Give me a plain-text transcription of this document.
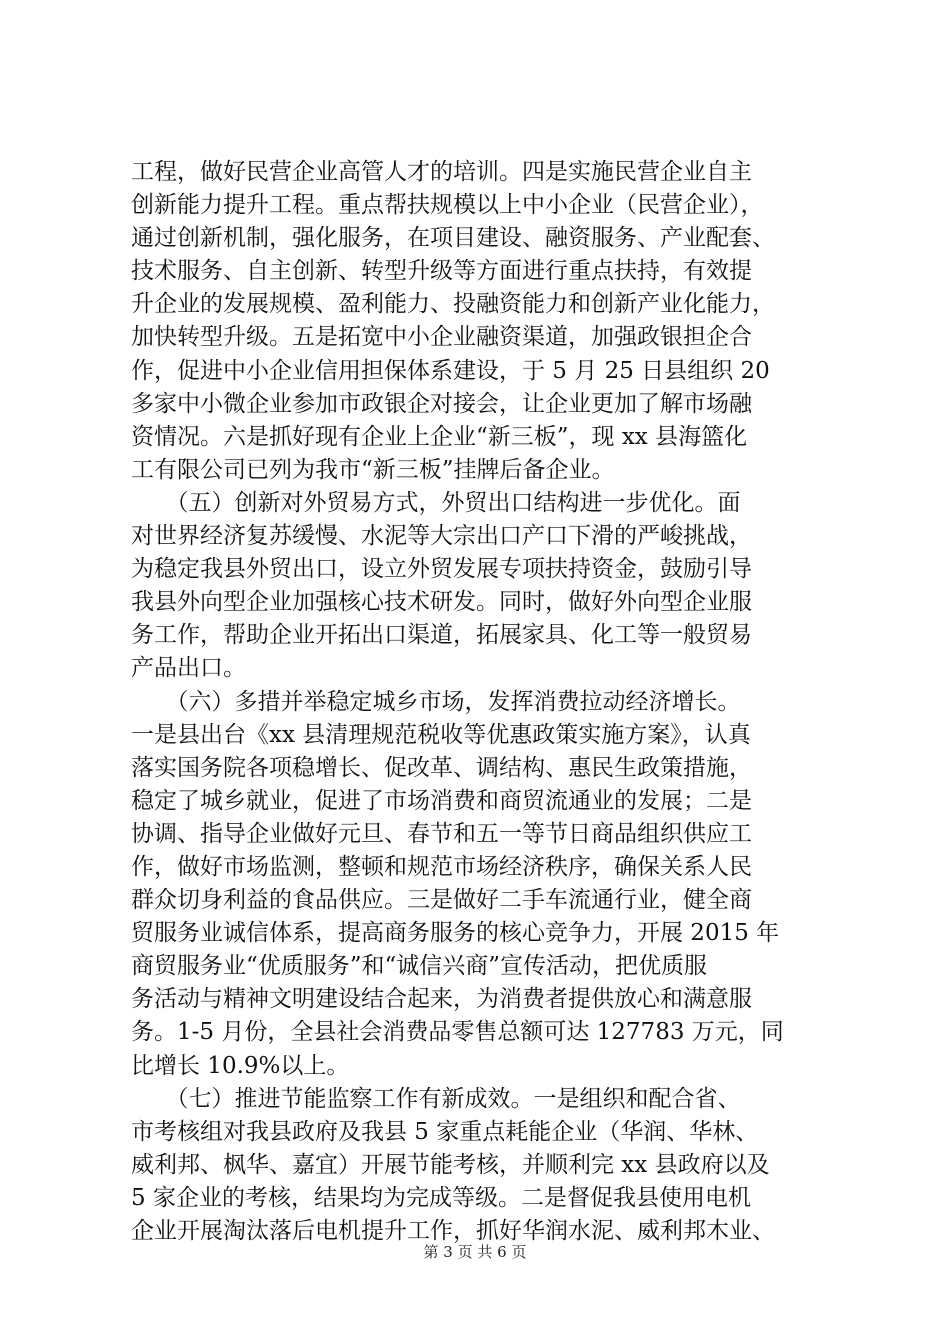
工程，做好民营企业高管人才的培训。四是实施民营企业自主
创新能力提升工程。重点帮扶规模以上中小企业（民营企业），
通过创新机制，强化服务，在项目建设、融资服务、产业配套、
技术服务、自主创新、转型升级等方面进行重点扶持，有效提
升企业的发展规模、盈利能力、投融资能力和创新产业化能力，
加快转型升级。五是拓宽中小企业融资渠道，加强政银担企合
作，促进中小企业信用担保体系建设，于 5 月 25 日县组织 20
多家中小微企业参加市政银企对接会，让企业更加了解市场融
资情况。六是抓好现有企业上企业“新三板”，现 xx 县海篮化
工有限公司已列为我市“新三板”挂牌后备企业。
　　（五）创新对外贸易方式，外贸出口结构进一步优化。面
对世界经济复苏缓慢、水泥等大宗出口产口下滑的严峻挑战，
为稳定我县外贸出口，设立外贸发展专项扶持资金，鼓励引导
我县外向型企业加强核心技术研发。同时，做好外向型企业服
务工作，帮助企业开拓出口渠道，拓展家具、化工等一般贸易
产品出口。
　　（六）多措并举稳定城乡市场，发挥消费拉动经济增长。
一是县出台《xx 县清理规范税收等优惠政策实施方案》，认真
落实国务院各项稳增长、促改革、调结构、惠民生政策措施，
稳定了城乡就业，促进了市场消费和商贸流通业的发展；二是
协调、指导企业做好元旦、春节和五一等节日商品组织供应工
作，做好市场监测，整顿和规范市场经济秩序，确保关系人民
群众切身利益的食品供应。三是做好二手车流通行业，健全商
贸服务业诚信体系，提高商务服务的核心竞争力，开展 2015 年
商贸服务业“优质服务”和“诚信兴商”宣传活动，把优质服
务活动与精神文明建设结合起来，为消费者提供放心和满意服
务。1-5 月份，全县社会消费品零售总额可达 127783 万元，同
比增长 10.9%以上。
　　（七）推进节能监察工作有新成效。一是组织和配合省、
市考核组对我县政府及我县 5 家重点耗能企业（华润、华林、
威利邦、枫华、嘉宜）开展节能考核，并顺利完 xx 县政府以及
5 家企业的考核，结果均为完成等级。二是督促我县使用电机
企业开展淘汰落后电机提升工作，抓好华润水泥、威利邦木业、
第 3 页 共 6 页
